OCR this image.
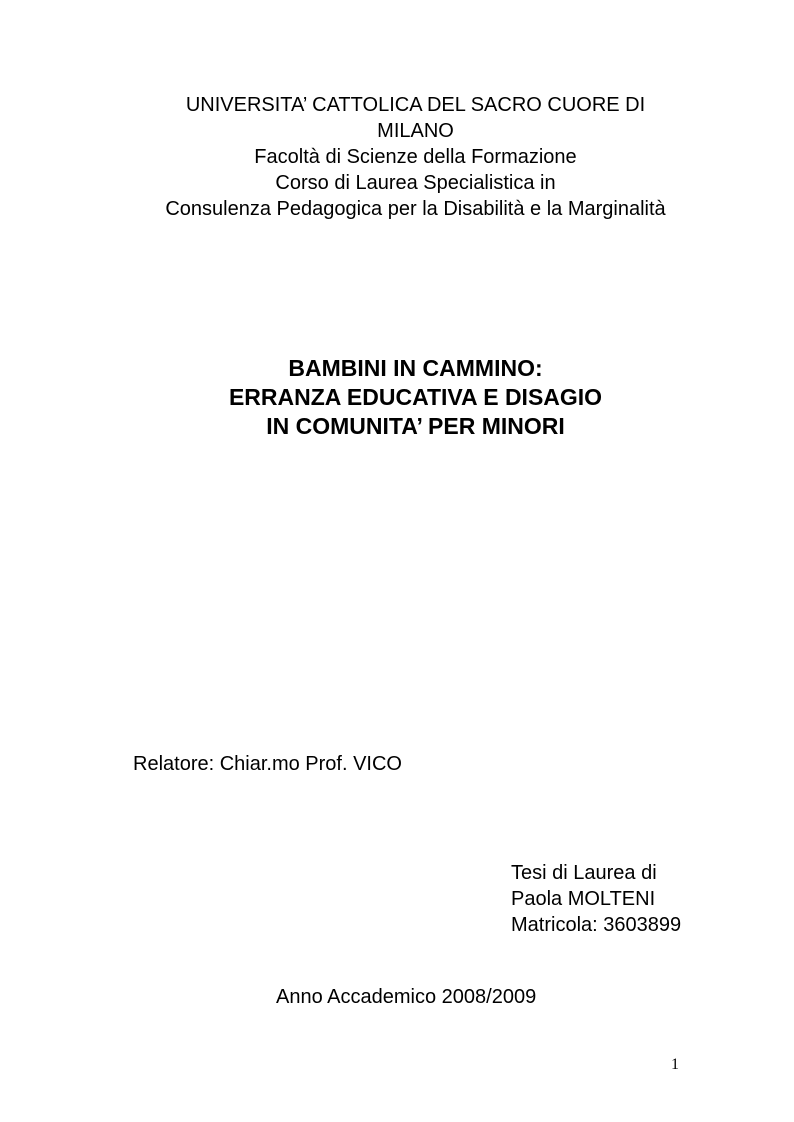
UNIVERSITA’ CATTOLICA DEL SACRO CUORE DI
MILANO
Facoltà di Scienze della Formazione
Corso di Laurea Specialistica in
Consulenza Pedagogica per la Disabilità e la Marginalità
BAMBINI IN CAMMINO:
ERRANZA EDUCATIVA E DISAGIO
IN COMUNITA’ PER MINORI
Relatore: Chiar.mo Prof. VICO
Tesi di Laurea di
Paola MOLTENI
Matricola: 3603899
Anno Accademico 2008/2009
1
